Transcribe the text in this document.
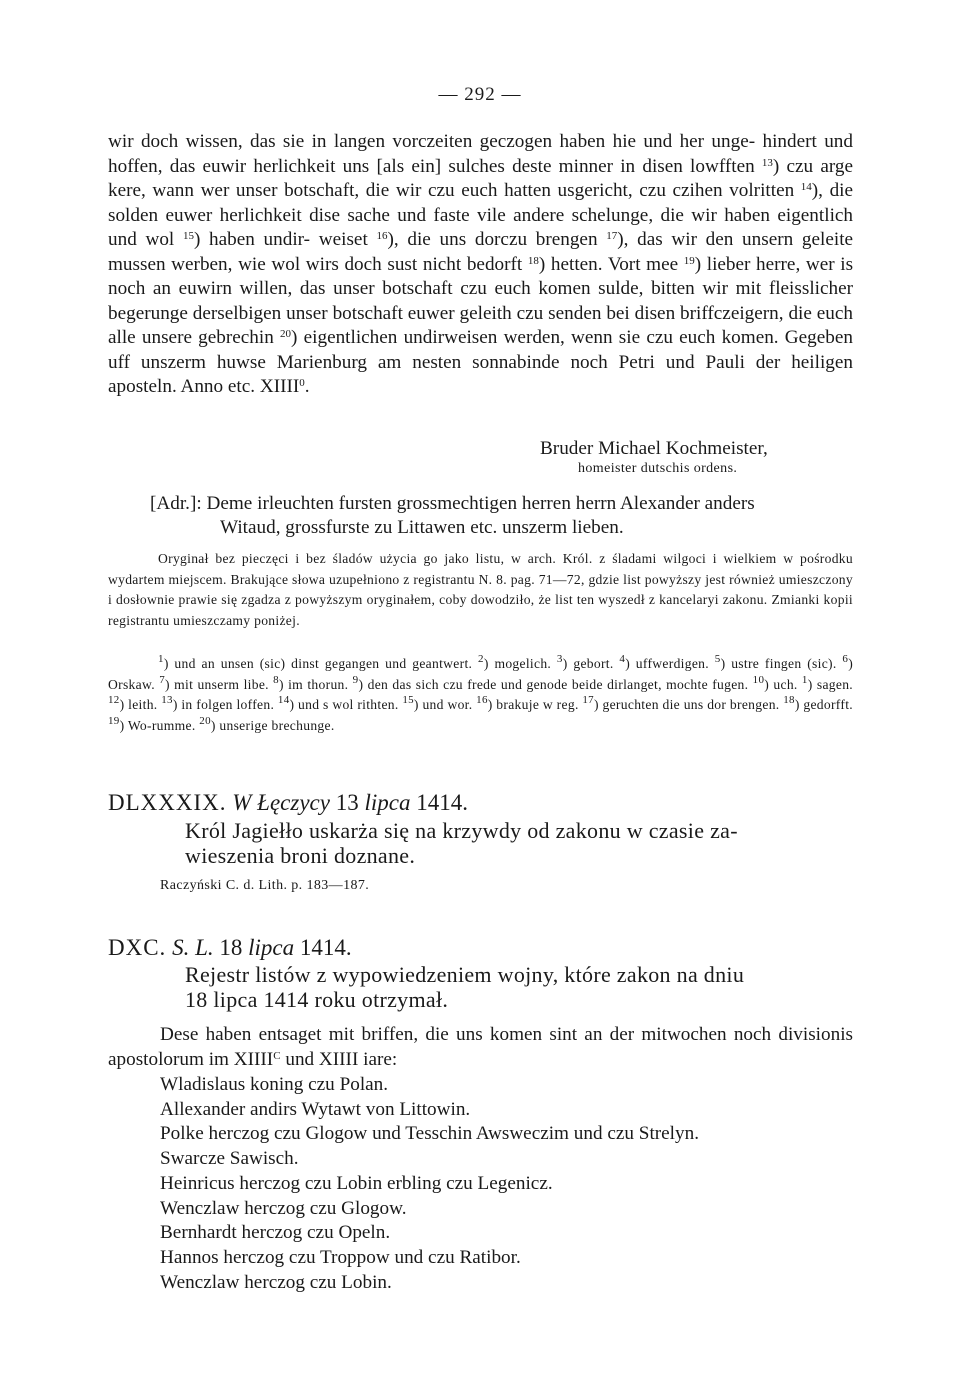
— 292 —

wir doch wissen, das sie in langen vorczeiten geczogen haben hie und her unge- hindert und hoffen, das euwir herlichkeit uns [als ein] sulches deste minner in disen lowfften $^{13}$) czu arge kere, wann wer unser botschaft, die wir czu euch hatten usgericht, czu czihen volritten $^{14}$), die solden euwer herlichkeit dise sache und faste vile andere schelunge, die wir haben eigentlich und wol $^{15}$) haben undir- weiset $^{16}$), die uns dorczu brengen $^{17}$), das wir den unsern geleite mussen werben, wie wol wirs doch sust nicht bedorft $^{18}$) hetten. Vort mee $^{19}$) lieber herre, wer is noch an euwirn willen, das unser botschaft czu euch komen sulde, bitten wir mit fleisslicher begerunge derselbigen unser botschaft euwer geleith czu senden bei disen briffczeigern, die euch alle unsere gebrechin $^{20}$) eigentlichen undirweisen werden, wenn sie czu euch komen. Gegeben uff unszerm huwse Marienburg am nesten sonnabinde noch Petri und Pauli der heiligen aposteln. Anno etc. XIIII$^0$.

Bruder Michael Kochmeister,
homeister dutschis ordens.
[Adr.]: Deme irleuchten fursten grossmechtigen herren herrn Alexander anders
Witaud, grossfurste zu Littawen etc. unszerm lieben.

Oryginał bez pieczęci i bez śladów użycia go jako listu, w arch. Król. z śladami wilgoci i wielkiem w pośrodku wydartem miejscem. Brakujące słowa uzupełniono z registrantu N. 8. pag. 71—72, gdzie list powyższy jest również umieszczony i dosłownie prawie się zgadza z powyższym oryginałem, coby dowodziło, że list ten wyszedł z kancelaryi zakonu. Zmianki kopii registrantu umieszczamy poniżej.

$^1$) und an unsen (sic) dinst gegangen und geantwert. $^2$) mogelich. $^3$) gebort. $^4$) uffwerdigen. $^5$) ustre fingen (sic). $^6$) Orskaw. $^7$) mit unserm libe. $^8$) im thorun. $^9$) den das sich czu frede und genode beide dirlanget, mochte fugen. $^{10}$) uch. $^1$) sagen. $^{12}$) leith. $^{13}$) in folgen loffen. $^{14}$) und s wol rithten. $^{15}$) und wor. $^{16}$) brakuje w reg. $^{17}$) geruchten die uns dor brengen. $^{18}$) gedorfft. $^{19}$) Wo-rumme. $^{20}$) unserige brechunge.

DLXXXIX. W Łęczycy 13 lipca 1414.
Król Jagiełło uskarża się na krzywdy od zakonu w czasie za-
wieszenia broni doznane.
Raczyński C. d. Lith. p. 183—187.
DXC. S. L. 18 lipca 1414.
Rejestr listów z wypowiedzeniem wojny, które zakon na dniu
18 lipca 1414 roku otrzymał.

Dese haben entsaget mit briffen, die uns komen sint an der mitwochen noch divisionis apostolorum im $XIIII^C$ und XIIII iare:

Wladislaus koning czu Polan.
Allexander andirs Wytawt von Littowin.
Polke herczog czu Glogow und Tesschin Awsweczim und czu Strelyn.
Swarcze Sawisch.
Heinricus herczog czu Lobin erbling czu Legenicz.
Wenczlaw herczog czu Glogow.
Bernhardt herczog czu Opeln.
Hannos herczog czu Troppow und czu Ratibor.
Wenczlaw herczog czu Lobin.
